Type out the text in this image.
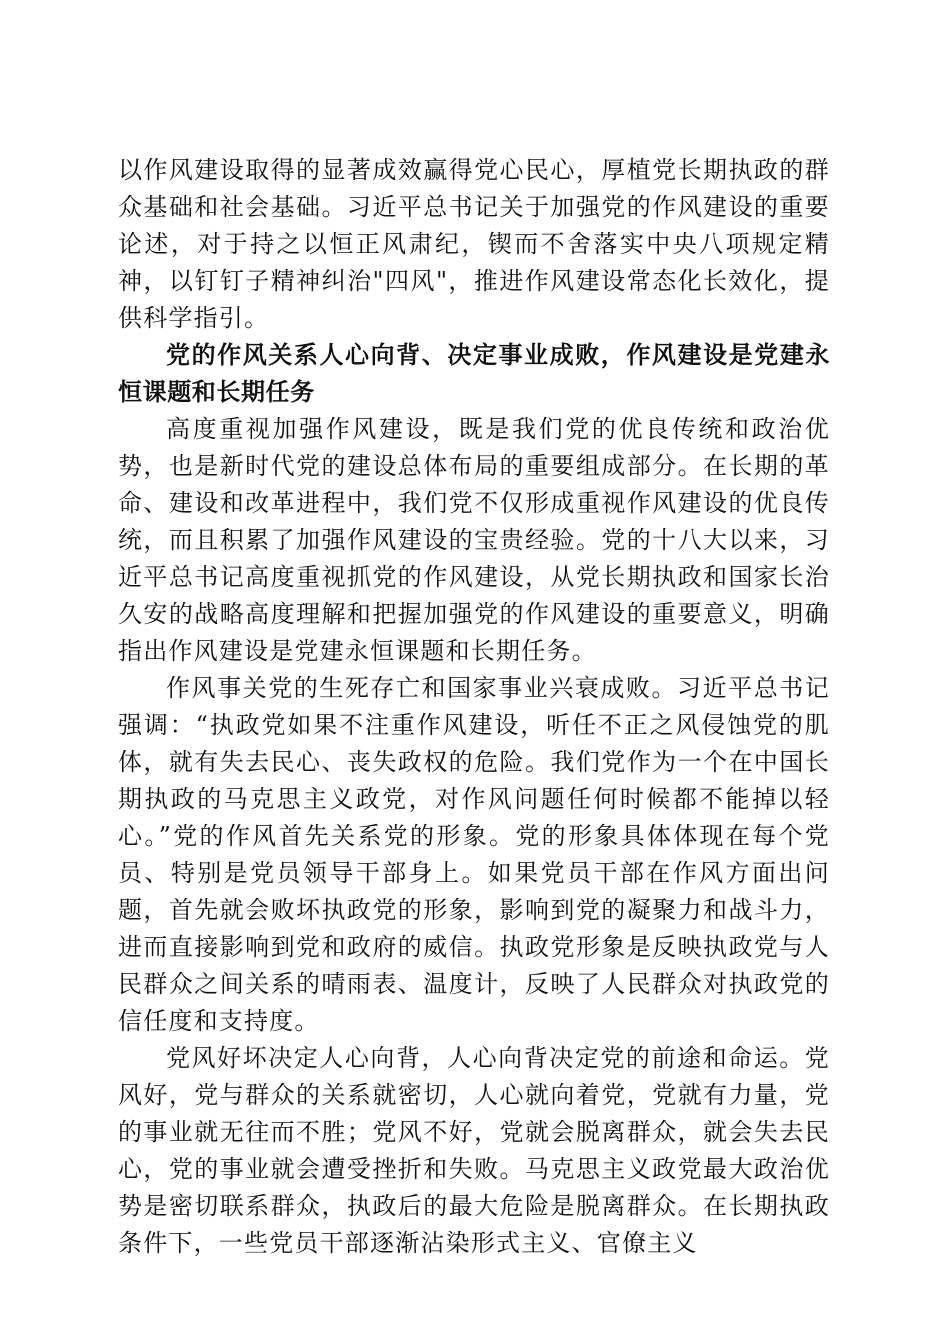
以作风建设取得的显著成效赢得党心民心，厚植党长期执政的群众基础和社会基础。习近平总书记关于加强党的作风建设的重要论述，对于持之以恒正风肃纪，锲而不舍落实中央八项规定精神，以钉钉子精神纠治"四风"，推进作风建设常态化长效化，提供科学指引。

党的作风关系人心向背、决定事业成败，作风建设是党建永恒课题和长期任务

高度重视加强作风建设，既是我们党的优良传统和政治优势，也是新时代党的建设总体布局的重要组成部分。在长期的革命、建设和改革进程中，我们党不仅形成重视作风建设的优良传统，而且积累了加强作风建设的宝贵经验。党的十八大以来，习近平总书记高度重视抓党的作风建设，从党长期执政和国家长治久安的战略高度理解和把握加强党的作风建设的重要意义，明确指出作风建设是党建永恒课题和长期任务。

作风事关党的生死存亡和国家事业兴衰成败。习近平总书记强调：“执政党如果不注重作风建设，听任不正之风侵蚀党的肌体，就有失去民心、丧失政权的危险。我们党作为一个在中国长期执政的马克思主义政党，对作风问题任何时候都不能掉以轻心。”党的作风首先关系党的形象。党的形象具体体现在每个党员、特别是党员领导干部身上。如果党员干部在作风方面出问题，首先就会败坏执政党的形象，影响到党的凝聚力和战斗力，进而直接影响到党和政府的威信。执政党形象是反映执政党与人民群众之间关系的晴雨表、温度计，反映了人民群众对执政党的信任度和支持度。

党风好坏决定人心向背，人心向背决定党的前途和命运。党风好，党与群众的关系就密切，人心就向着党，党就有力量，党的事业就无往而不胜；党风不好，党就会脱离群众，就会失去民心，党的事业就会遭受挫折和失败。马克思主义政党最大政治优势是密切联系群众，执政后的最大危险是脱离群众。在长期执政条件下，一些党员干部逐渐沾染形式主义、官僚主义
